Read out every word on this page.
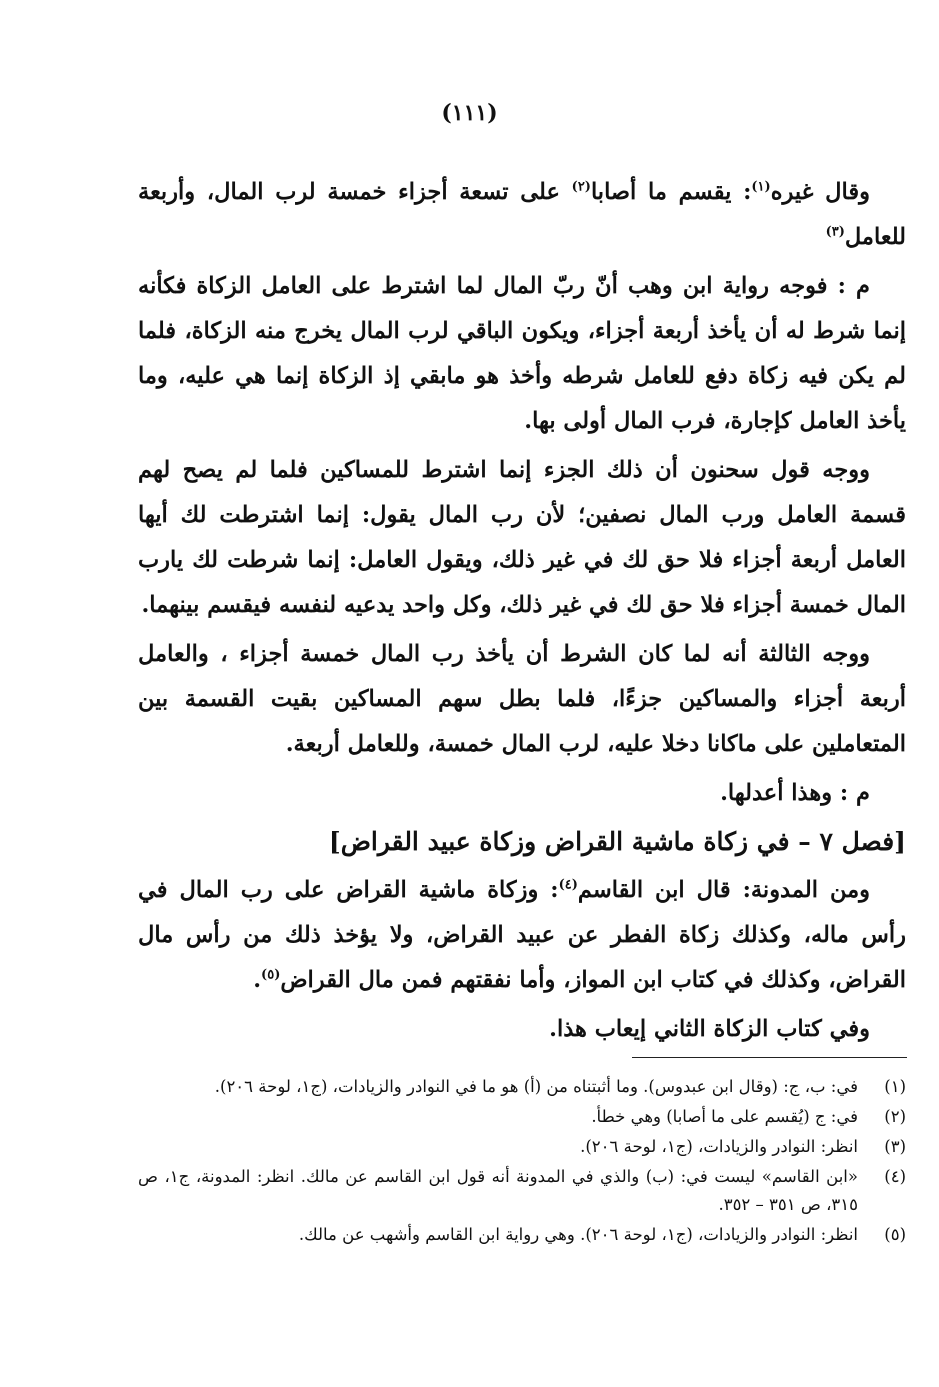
(١١١)

وقال غيره$^{(١)}$: يقسم ما أصابا$^{(٢)}$ على تسعة أجزاء خمسة لرب المال، وأربعة للعامل$^{(٣)}$

م : فوجه رواية ابن وهب أنّ ربّ المال لما اشترط على العامل الزكاة فكأنه إنما شرط له أن يأخذ أربعة أجزاء، ويكون الباقي لرب المال يخرج منه الزكاة، فلما لم يكن فيه زكاة دفع للعامل شرطه وأخذ هو مابقي إذ الزكاة إنما هي عليه، وما يأخذ العامل كإجارة، فرب المال أولى بها.

ووجه قول سحنون أن ذلك الجزء إنما اشترط للمساكين فلما لم يصح لهم قسمة العامل ورب المال نصفين؛ لأن رب المال يقول: إنما اشترطت لك أيها العامل أربعة أجزاء فلا حق لك في غير ذلك، ويقول العامل: إنما شرطت لك يارب المال خمسة أجزاء فلا حق لك في غير ذلك، وكل واحد يدعيه لنفسه فيقسم بينهما.

ووجه الثالثة أنه لما كان الشرط أن يأخذ رب المال خمسة أجزاء ، والعامل أربعة أجزاء والمساكين جزءًا، فلما بطل سهم المساكين بقيت القسمة بين المتعاملين على ماكانا دخلا عليه، لرب المال خمسة، وللعامل أربعة.

م : وهذا أعدلها.

[فصل ٧ – في زكاة ماشية القراض وزكاة عبيد القراض]

ومن المدونة: قال ابن القاسم$^{(٤)}$: وزكاة ماشية القراض على رب المال في رأس ماله، وكذلك زكاة الفطر عن عبيد القراض، ولا يؤخذ ذلك من رأس مال القراض، وكذلك في كتاب ابن المواز، وأما نفقتهم فمن مال القراض$^{(٥)}$.

وفي كتاب الزكاة الثاني إيعاب هذا.

(١)
في: ب، ج: (وقال ابن عبدوس). وما أثبتناه من (أ) هو ما في النوادر والزيادات، (ج١، لوحة ٢٠٦).
(٢)
في: ج (يُقسم على ما أصابا) وهي خطأ.
(٣)
انظر: النوادر والزيادات، (ج١، لوحة ٢٠٦).
(٤)
«ابن القاسم» ليست في: (ب) والذي في المدونة أنه قول ابن القاسم عن مالك. انظر: المدونة، ج١، ص ٣١٥، ص ٣٥١ – ٣٥٢.
(٥)
انظر: النوادر والزيادات، (ج١، لوحة ٢٠٦). وهي رواية ابن القاسم وأشهب عن مالك.
